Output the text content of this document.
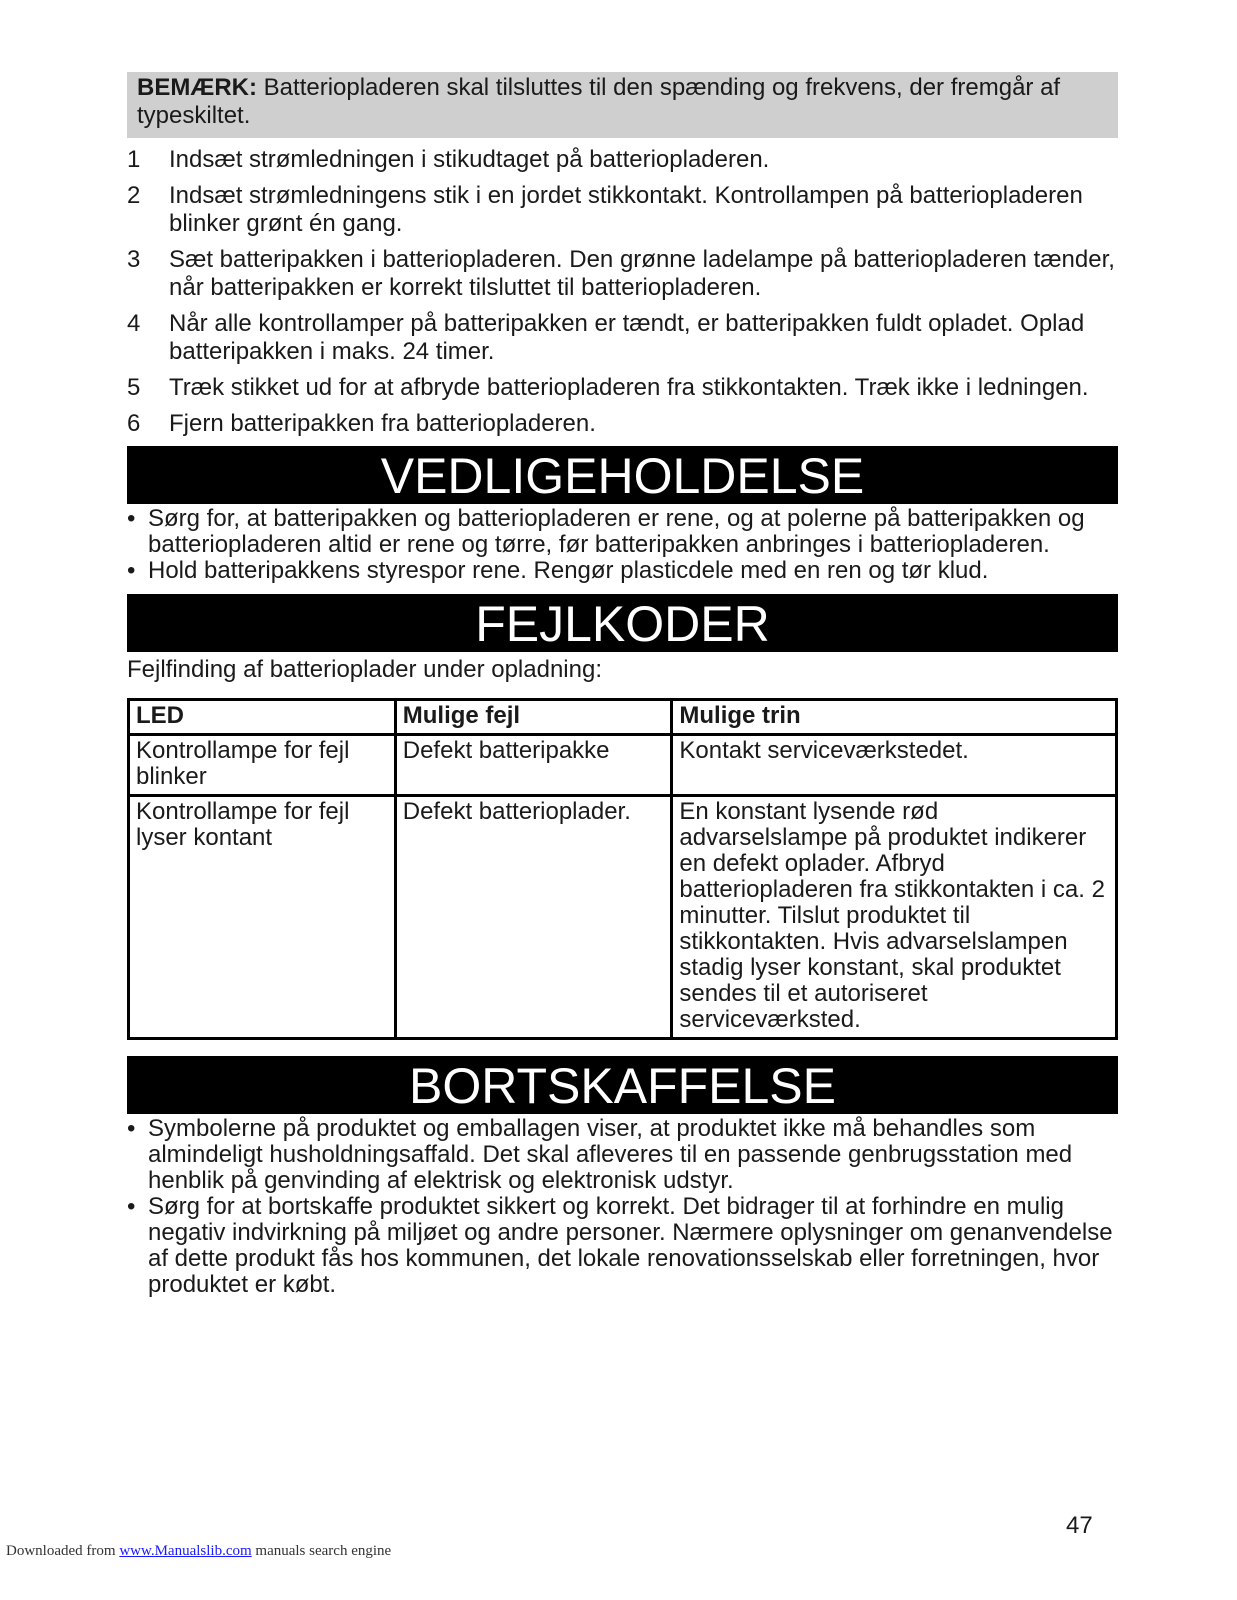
BEMÆRK: Batteriopladeren skal tilsluttes til den spænding og frekvens, der fremgår af typeskiltet.
1 Indsæt strømledningen i stikudtaget på batteriopladeren.
2 Indsæt strømledningens stik i en jordet stikkontakt. Kontrollampen på batteriopladeren blinker grønt én gang.
3 Sæt batteripakken i batteriopladeren. Den grønne ladelampe på batteriopladeren tænder, når batteripakken er korrekt tilsluttet til batteriopladeren.
4 Når alle kontrollamper på batteripakken er tændt, er batteripakken fuldt opladet. Oplad batteripakken i maks. 24 timer.
5 Træk stikket ud for at afbryde batteriopladeren fra stikkontakten. Træk ikke i ledningen.
6 Fjern batteripakken fra batteriopladeren.
VEDLIGEHOLDELSE
• Sørg for, at batteripakken og batteriopladeren er rene, og at polerne på batteripakken og batteriopladeren altid er rene og tørre, før batteripakken anbringes i batteriopladeren.
• Hold batteripakkens styrespor rene. Rengør plasticdele med en ren og tør klud.
FEJLKODER
Fejlfinding af batterioplader under opladning:
LED	Mulige fejl	Mulige trin
Kontrollampe for fejl blinker	Defekt batteripakke	Kontakt serviceværkstedet.
Kontrollampe for fejl lyser kontant	Defekt batterioplader.	En konstant lysende rød advarselslampe på produktet indikerer en defekt oplader. Afbryd batteriopladeren fra stikkontakten i ca. 2 minutter. Tilslut produktet til stikkontakten. Hvis advarselslampen stadig lyser konstant, skal produktet sendes til et autoriseret serviceværksted.
BORTSKAFFELSE
• Symbolerne på produktet og emballagen viser, at produktet ikke må behandles som almindeligt husholdningsaffald. Det skal afleveres til en passende genbrugsstation med henblik på genvinding af elektrisk og elektronisk udstyr.
• Sørg for at bortskaffe produktet sikkert og korrekt. Det bidrager til at forhindre en mulig negativ indvirkning på miljøet og andre personer. Nærmere oplysninger om genanvendelse af dette produkt fås hos kommunen, det lokale renovationsselskab eller forretningen, hvor produktet er købt.
47
Downloaded from www.Manualslib.com manuals search engine
